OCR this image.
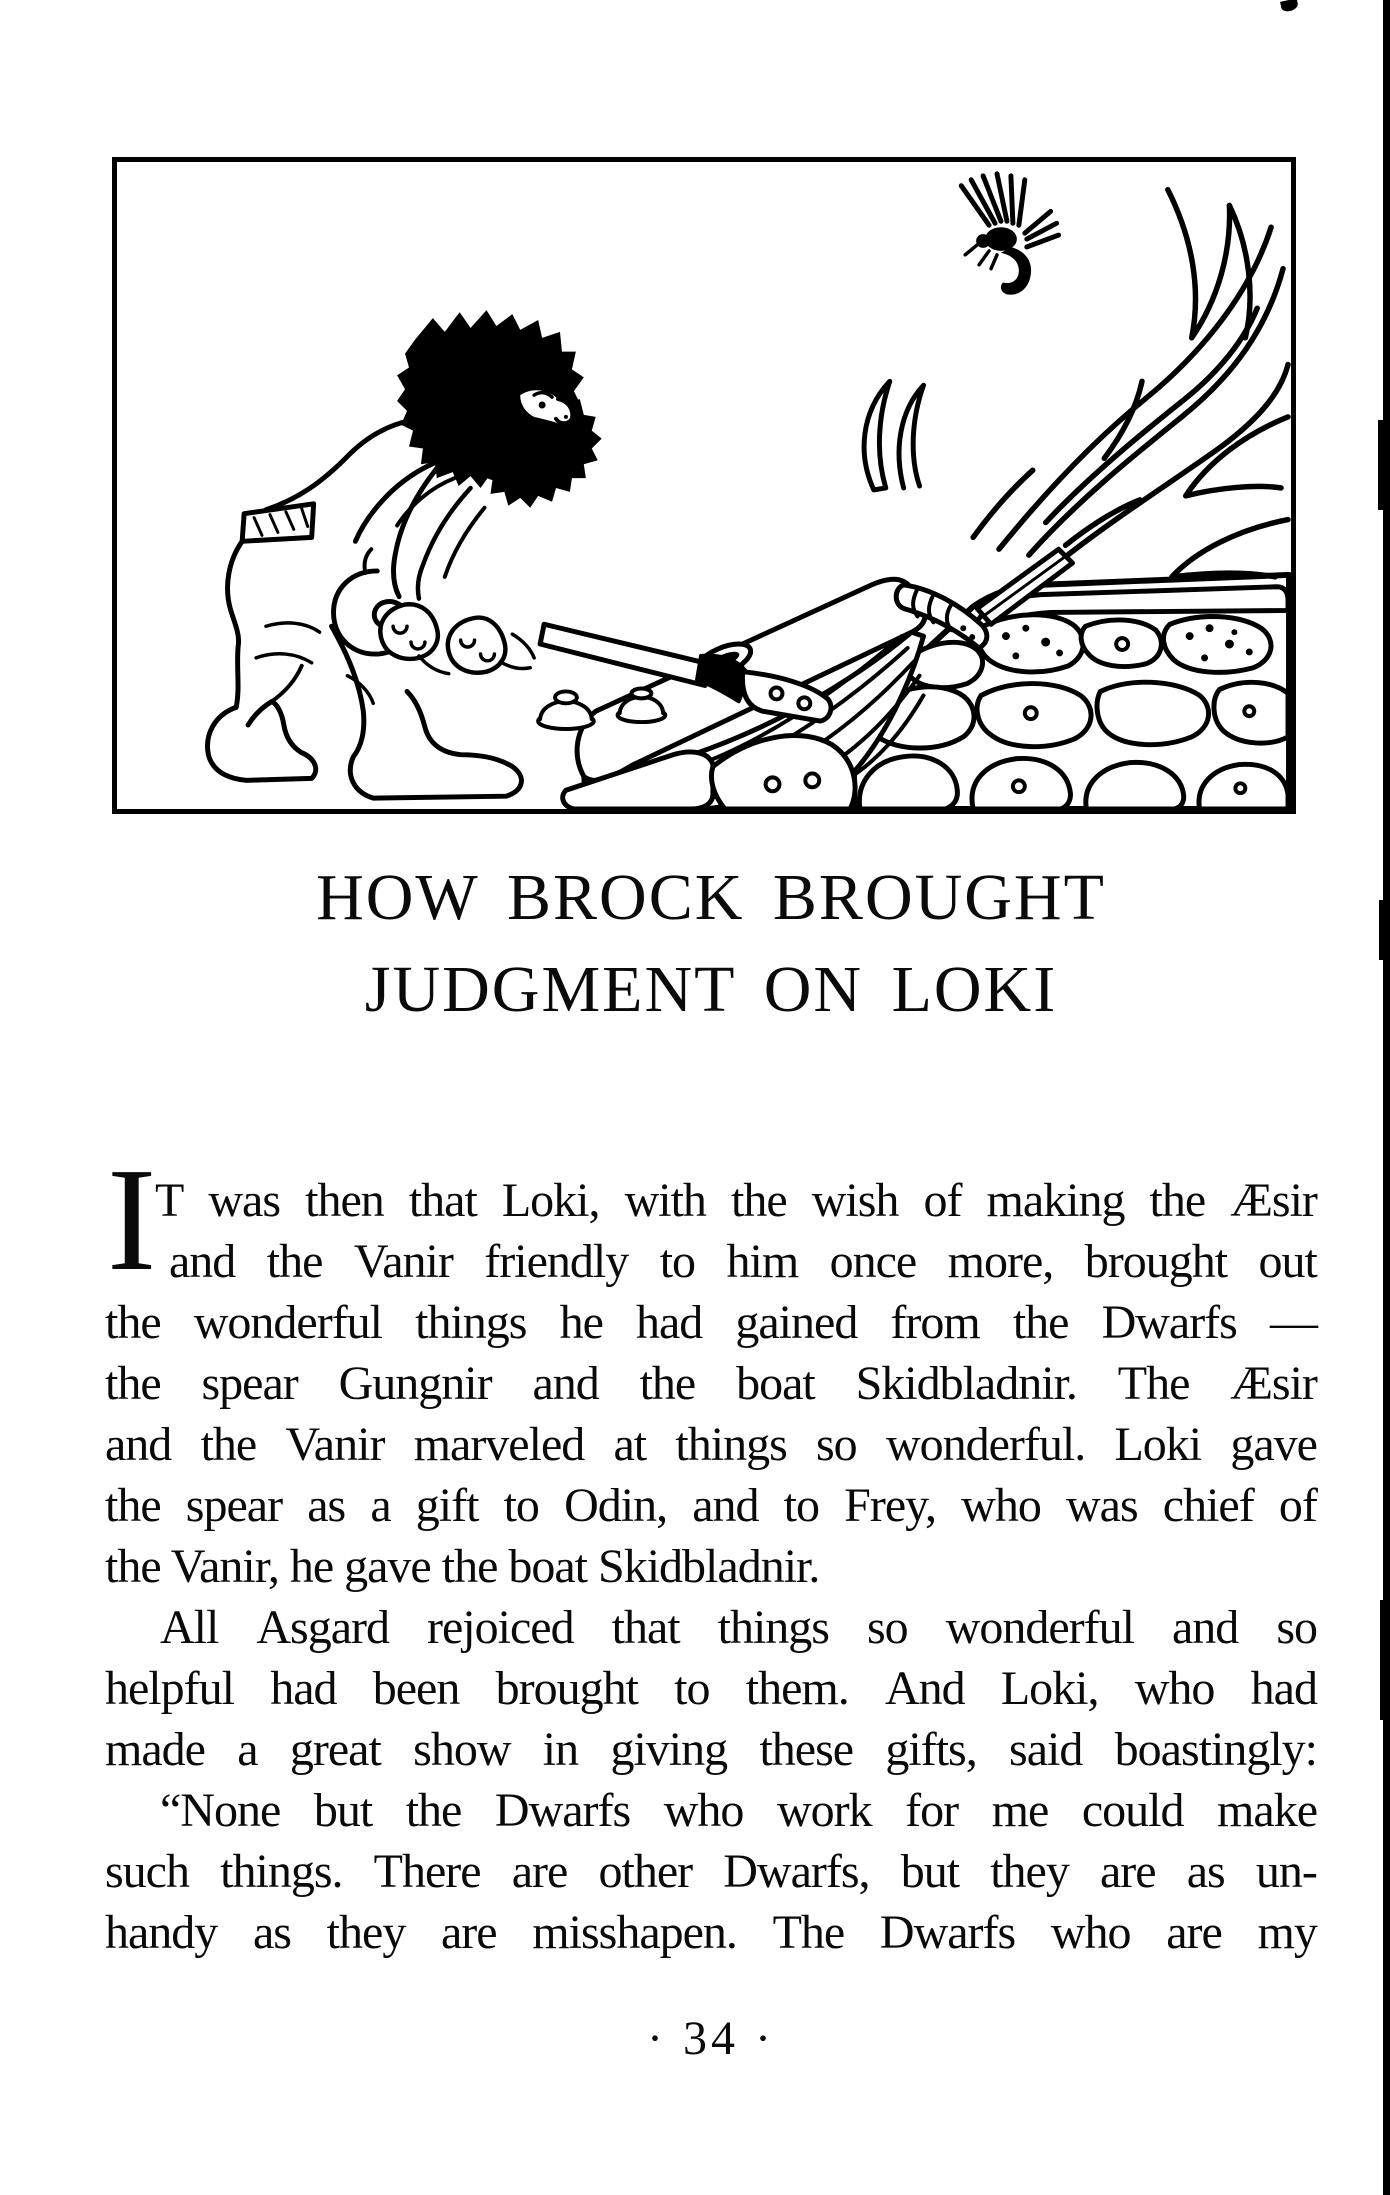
HOW BROCK BROUGHT
JUDGMENT ON LOKI
I
T was then that Loki, with the wish of making the Æsir
and the Vanir friendly to him once more, brought out
the wonderful things he had gained from the Dwarfs —
the spear Gungnir and the boat Skidbladnir. The Æsir
and the Vanir marveled at things so wonderful. Loki gave
the spear as a gift to Odin, and to Frey, who was chief of
the Vanir, he gave the boat Skidbladnir.
All Asgard rejoiced that things so wonderful and so
helpful had been brought to them. And Loki, who had
made a great show in giving these gifts, said boastingly:
“None but the Dwarfs who work for me could make
such things. There are other Dwarfs, but they are as un-
handy as they are misshapen. The Dwarfs who are my
· 34 ·
